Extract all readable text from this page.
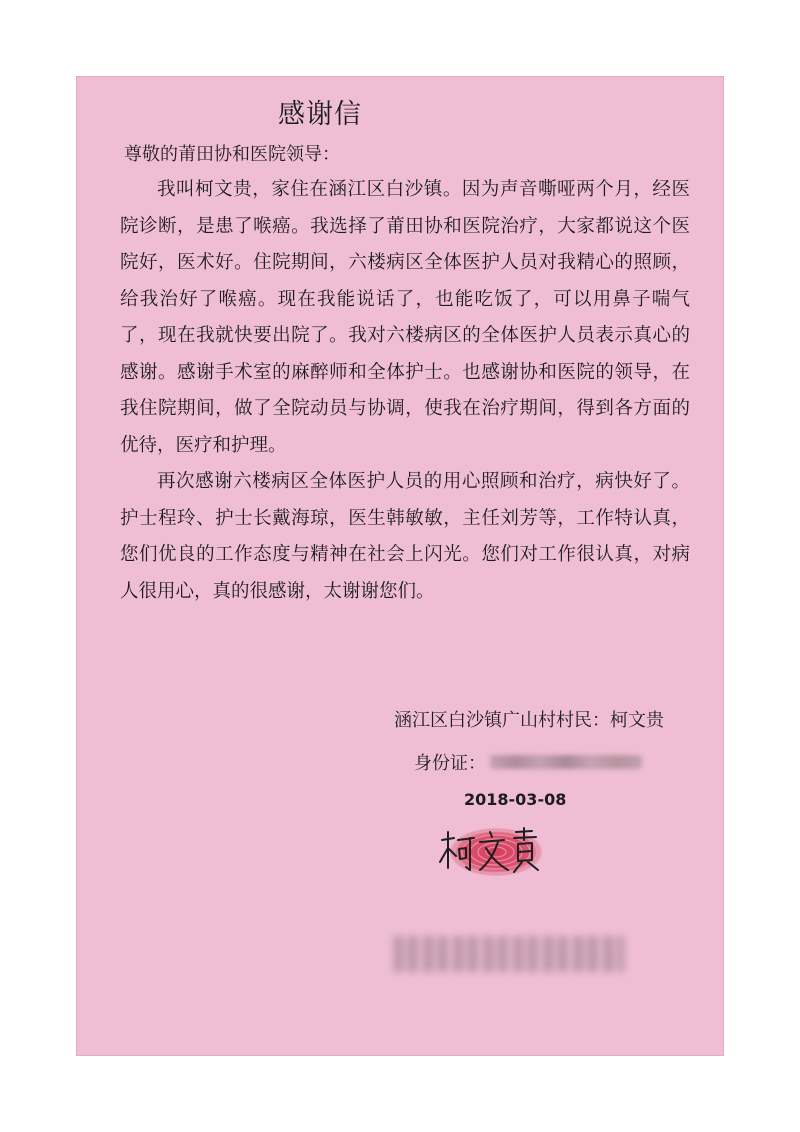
感谢信
尊敬的莆田协和医院领导：

我叫柯文贵，家住在涵江区白沙镇。因为声音嘶哑两个月，经医院诊断，是患了喉癌。我选择了莆田协和医院治疗，大家都说这个医院好，医术好。住院期间，六楼病区全体医护人员对我精心的照顾，给我治好了喉癌。现在我能说话了，也能吃饭了，可以用鼻子喘气了，现在我就快要出院了。我对六楼病区的全体医护人员表示真心的感谢。感谢手术室的麻醉师和全体护士。也感谢协和医院的领导，在我住院期间，做了全院动员与协调，使我在治疗期间，得到各方面的优待，医疗和护理。

再次感谢六楼病区全体医护人员的用心照顾和治疗，病快好了。护士程玲、护士长戴海琼，医生韩敏敏，主任刘芳等，工作特认真，您们优良的工作态度与精神在社会上闪光。您们对工作很认真，对病人很用心，真的很感谢，太谢谢您们。

涵江区白沙镇广山村村民：柯文贵
身份证：
2018-03-08
